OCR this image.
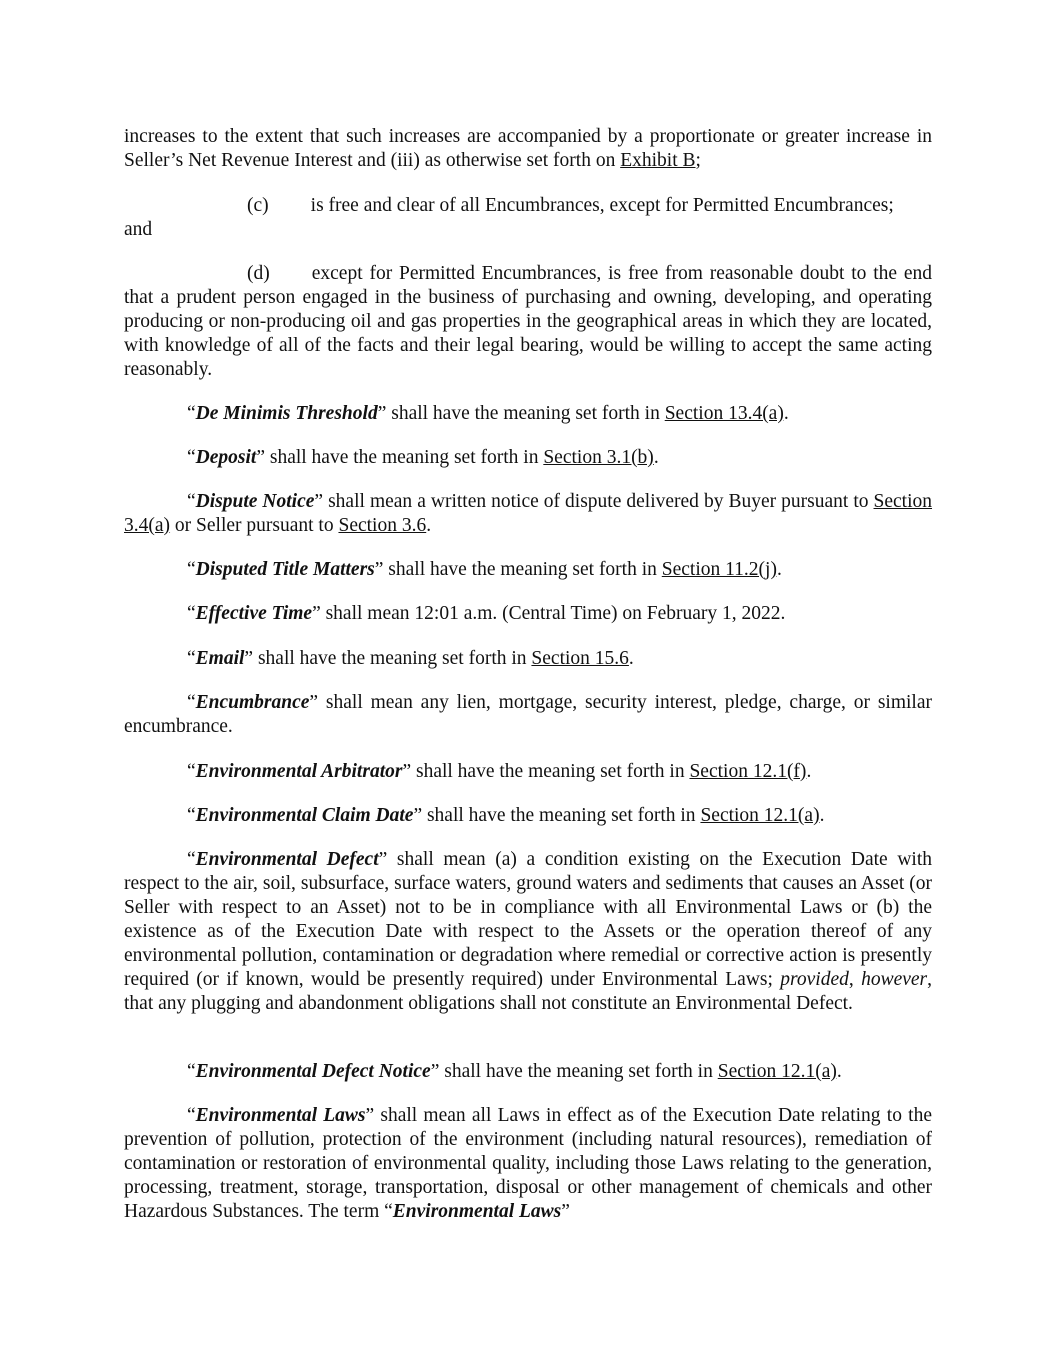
increases to the extent that such increases are accompanied by a proportionate or greater increase in Seller’s Net Revenue Interest and (iii) as otherwise set forth on Exhibit B;

(c) is free and clear of all Encumbrances, except for Permitted Encumbrances;

and

(d) except for Permitted Encumbrances, is free from reasonable doubt to the end that a prudent person engaged in the business of purchasing and owning, developing, and operating producing or non-producing oil and gas properties in the geographical areas in which they are located, with knowledge of all of the facts and their legal bearing, would be willing to accept the same acting reasonably.

“De Minimis Threshold” shall have the meaning set forth in Section 13.4(a).

“Deposit” shall have the meaning set forth in Section 3.1(b).

“Dispute Notice” shall mean a written notice of dispute delivered by Buyer pursuant to Section 3.4(a) or Seller pursuant to Section 3.6.

“Disputed Title Matters” shall have the meaning set forth in Section 11.2(j).

“Effective Time” shall mean 12:01 a.m. (Central Time) on February 1, 2022.

“Email” shall have the meaning set forth in Section 15.6.

“Encumbrance” shall mean any lien, mortgage, security interest, pledge, charge, or similar encumbrance.

“Environmental Arbitrator” shall have the meaning set forth in Section 12.1(f).

“Environmental Claim Date” shall have the meaning set forth in Section 12.1(a).

“Environmental Defect” shall mean (a) a condition existing on the Execution Date with respect to the air, soil, subsurface, surface waters, ground waters and sediments that causes an Asset (or Seller with respect to an Asset) not to be in compliance with all Environmental Laws or (b) the existence as of the Execution Date with respect to the Assets or the operation thereof of any environmental pollution, contamination or degradation where remedial or corrective action is presently required (or if known, would be presently required) under Environmental Laws; provided, however, that any plugging and abandonment obligations shall not constitute an Environmental Defect.

“Environmental Defect Notice” shall have the meaning set forth in Section 12.1(a).

“Environmental Laws” shall mean all Laws in effect as of the Execution Date relating to the prevention of pollution, protection of the environment (including natural resources), remediation of contamination or restoration of environmental quality, including those Laws relating to the generation, processing, treatment, storage, transportation, disposal or other management of chemicals and other Hazardous Substances. The term “Environmental Laws”
